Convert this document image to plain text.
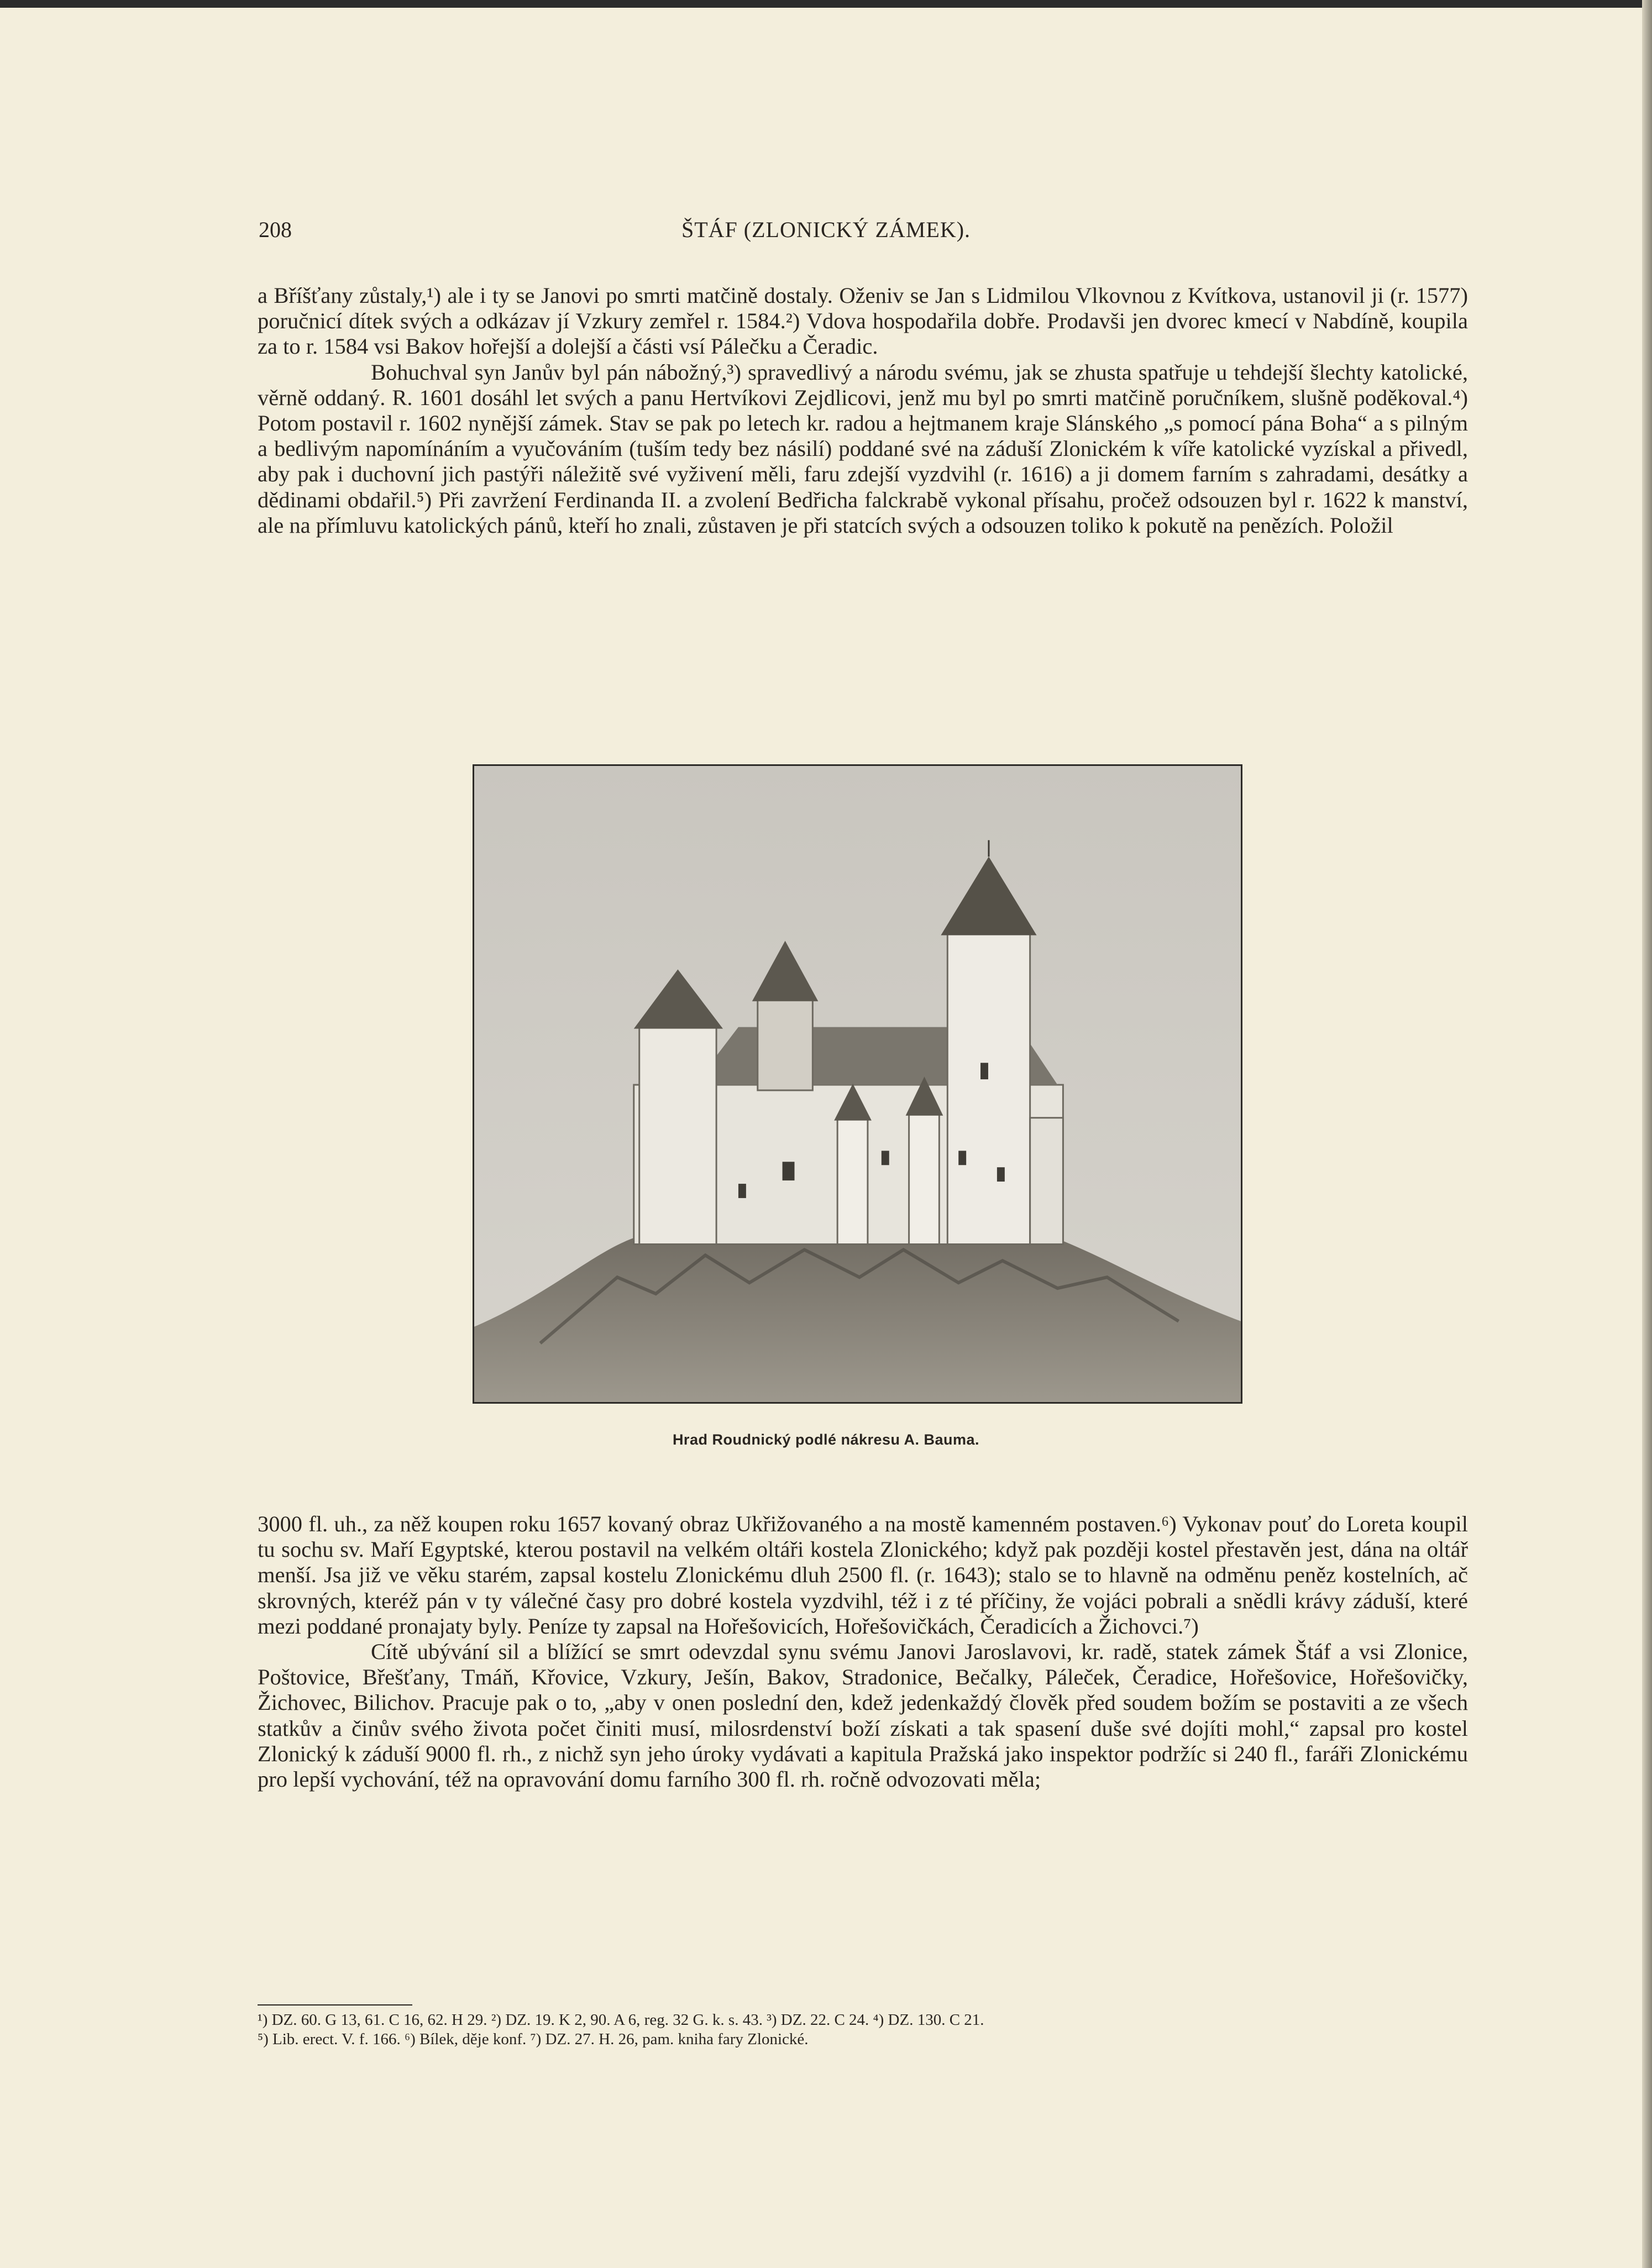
208	ŠTÁF (ZLONICKÝ ZÁMEK).

a Bříšťany zůstaly,¹) ale i ty se Janovi po smrti matčině dostaly. Oženiv se Jan s Lidmilou Vlkovnou z Kvítkova, ustanovil ji (r. 1577) poručnicí dítek svých a odkázav jí Vzkury zemřel r. 1584.²) Vdova hospodařila dobře. Prodavši jen dvorec kmecí v Nabdíně, koupila za to r. 1584 vsi Bakov hořejší a dolejší a části vsí Pálečku a Čeradic.

Bohuchval syn Janův byl pán nábožný,³) spravedlivý a národu svému, jak se zhusta spatřuje u tehdejší šlechty katolické, věrně oddaný. R. 1601 dosáhl let svých a panu Hertvíkovi Zejdlicovi, jenž mu byl po smrti matčině poručníkem, slušně poděkoval.⁴) Potom postavil r. 1602 nynější zámek. Stav se pak po letech kr. radou a hejtmanem kraje Slánského „s pomocí pána Boha“ a s pilným a bedlivým napomínáním a vyučováním (tuším tedy bez násilí) poddané své na záduší Zlonickém k víře katolické vyzískal a přivedl, aby pak i duchovní jich pastýři náležitě své vyživení měli, faru zdejší vyzdvihl (r. 1616) a ji domem farním s zahradami, desátky a dědinami obdařil.⁵) Při zavržení Ferdinanda II. a zvolení Bedřicha falckrabě vykonal přísahu, pročež odsouzen byl r. 1622 k manství, ale na přímluvu katolických pánů, kteří ho znali, zůstaven je při statcích svých a odsouzen toliko k pokutě na penězích. Položil

Hrad Roudnický podlé nákresu A. Bauma.

3000 fl. uh., za něž koupen roku 1657 kovaný obraz Ukřižovaného a na mostě kamenném postaven.⁶) Vykonav pouť do Loreta koupil tu sochu sv. Maří Egyptské, kterou postavil na velkém oltáři kostela Zlonického; když pak později kostel přestavěn jest, dána na oltář menší. Jsa již ve věku starém, zapsal kostelu Zlonickému dluh 2500 fl. (r. 1643); stalo se to hlavně na odměnu peněz kostelních, ač skrovných, kteréž pán v ty válečné časy pro dobré kostela vyzdvihl, též i z té příčiny, že vojáci pobrali a snědli krávy záduší, které mezi poddané pronajaty byly. Peníze ty zapsal na Hořešovicích, Hořešovičkách, Čeradicích a Žichovci.⁷)

Cítě ubývání sil a blížící se smrt odevzdal synu svému Janovi Jaroslavovi, kr. radě, statek zámek Štáf a vsi Zlonice, Poštovice, Břešťany, Tmáň, Křovice, Vzkury, Ješín, Bakov, Stradonice, Bečalky, Páleček, Čeradice, Hořešovice, Hořešovičky, Žichovec, Bilichov. Pracuje pak o to, „aby v onen poslední den, kdež jedenkaždý člověk před soudem božím se postaviti a ze všech statkův a činův svého života počet činiti musí, milosrdenství boží získati a tak spasení duše své dojíti mohl,“ zapsal pro kostel Zlonický k záduší 9000 fl. rh., z nichž syn jeho úroky vydávati a kapitula Pražská jako inspektor podržíc si 240 fl., faráři Zlonickému pro lepší vychování, též na opravování domu farního 300 fl. rh. ročně odvozovati měla;

¹) DZ. 60. G 13, 61. C 16, 62. H 29. ²) DZ. 19. K 2, 90. A 6, reg. 32 G. k. s. 43. ³) DZ. 22. C 24. ⁴) DZ. 130. C 21.

⁵) Lib. erect. V. f. 166. ⁶) Bílek, děje konf. ⁷) DZ. 27. H. 26, pam. kniha fary Zlonické.
